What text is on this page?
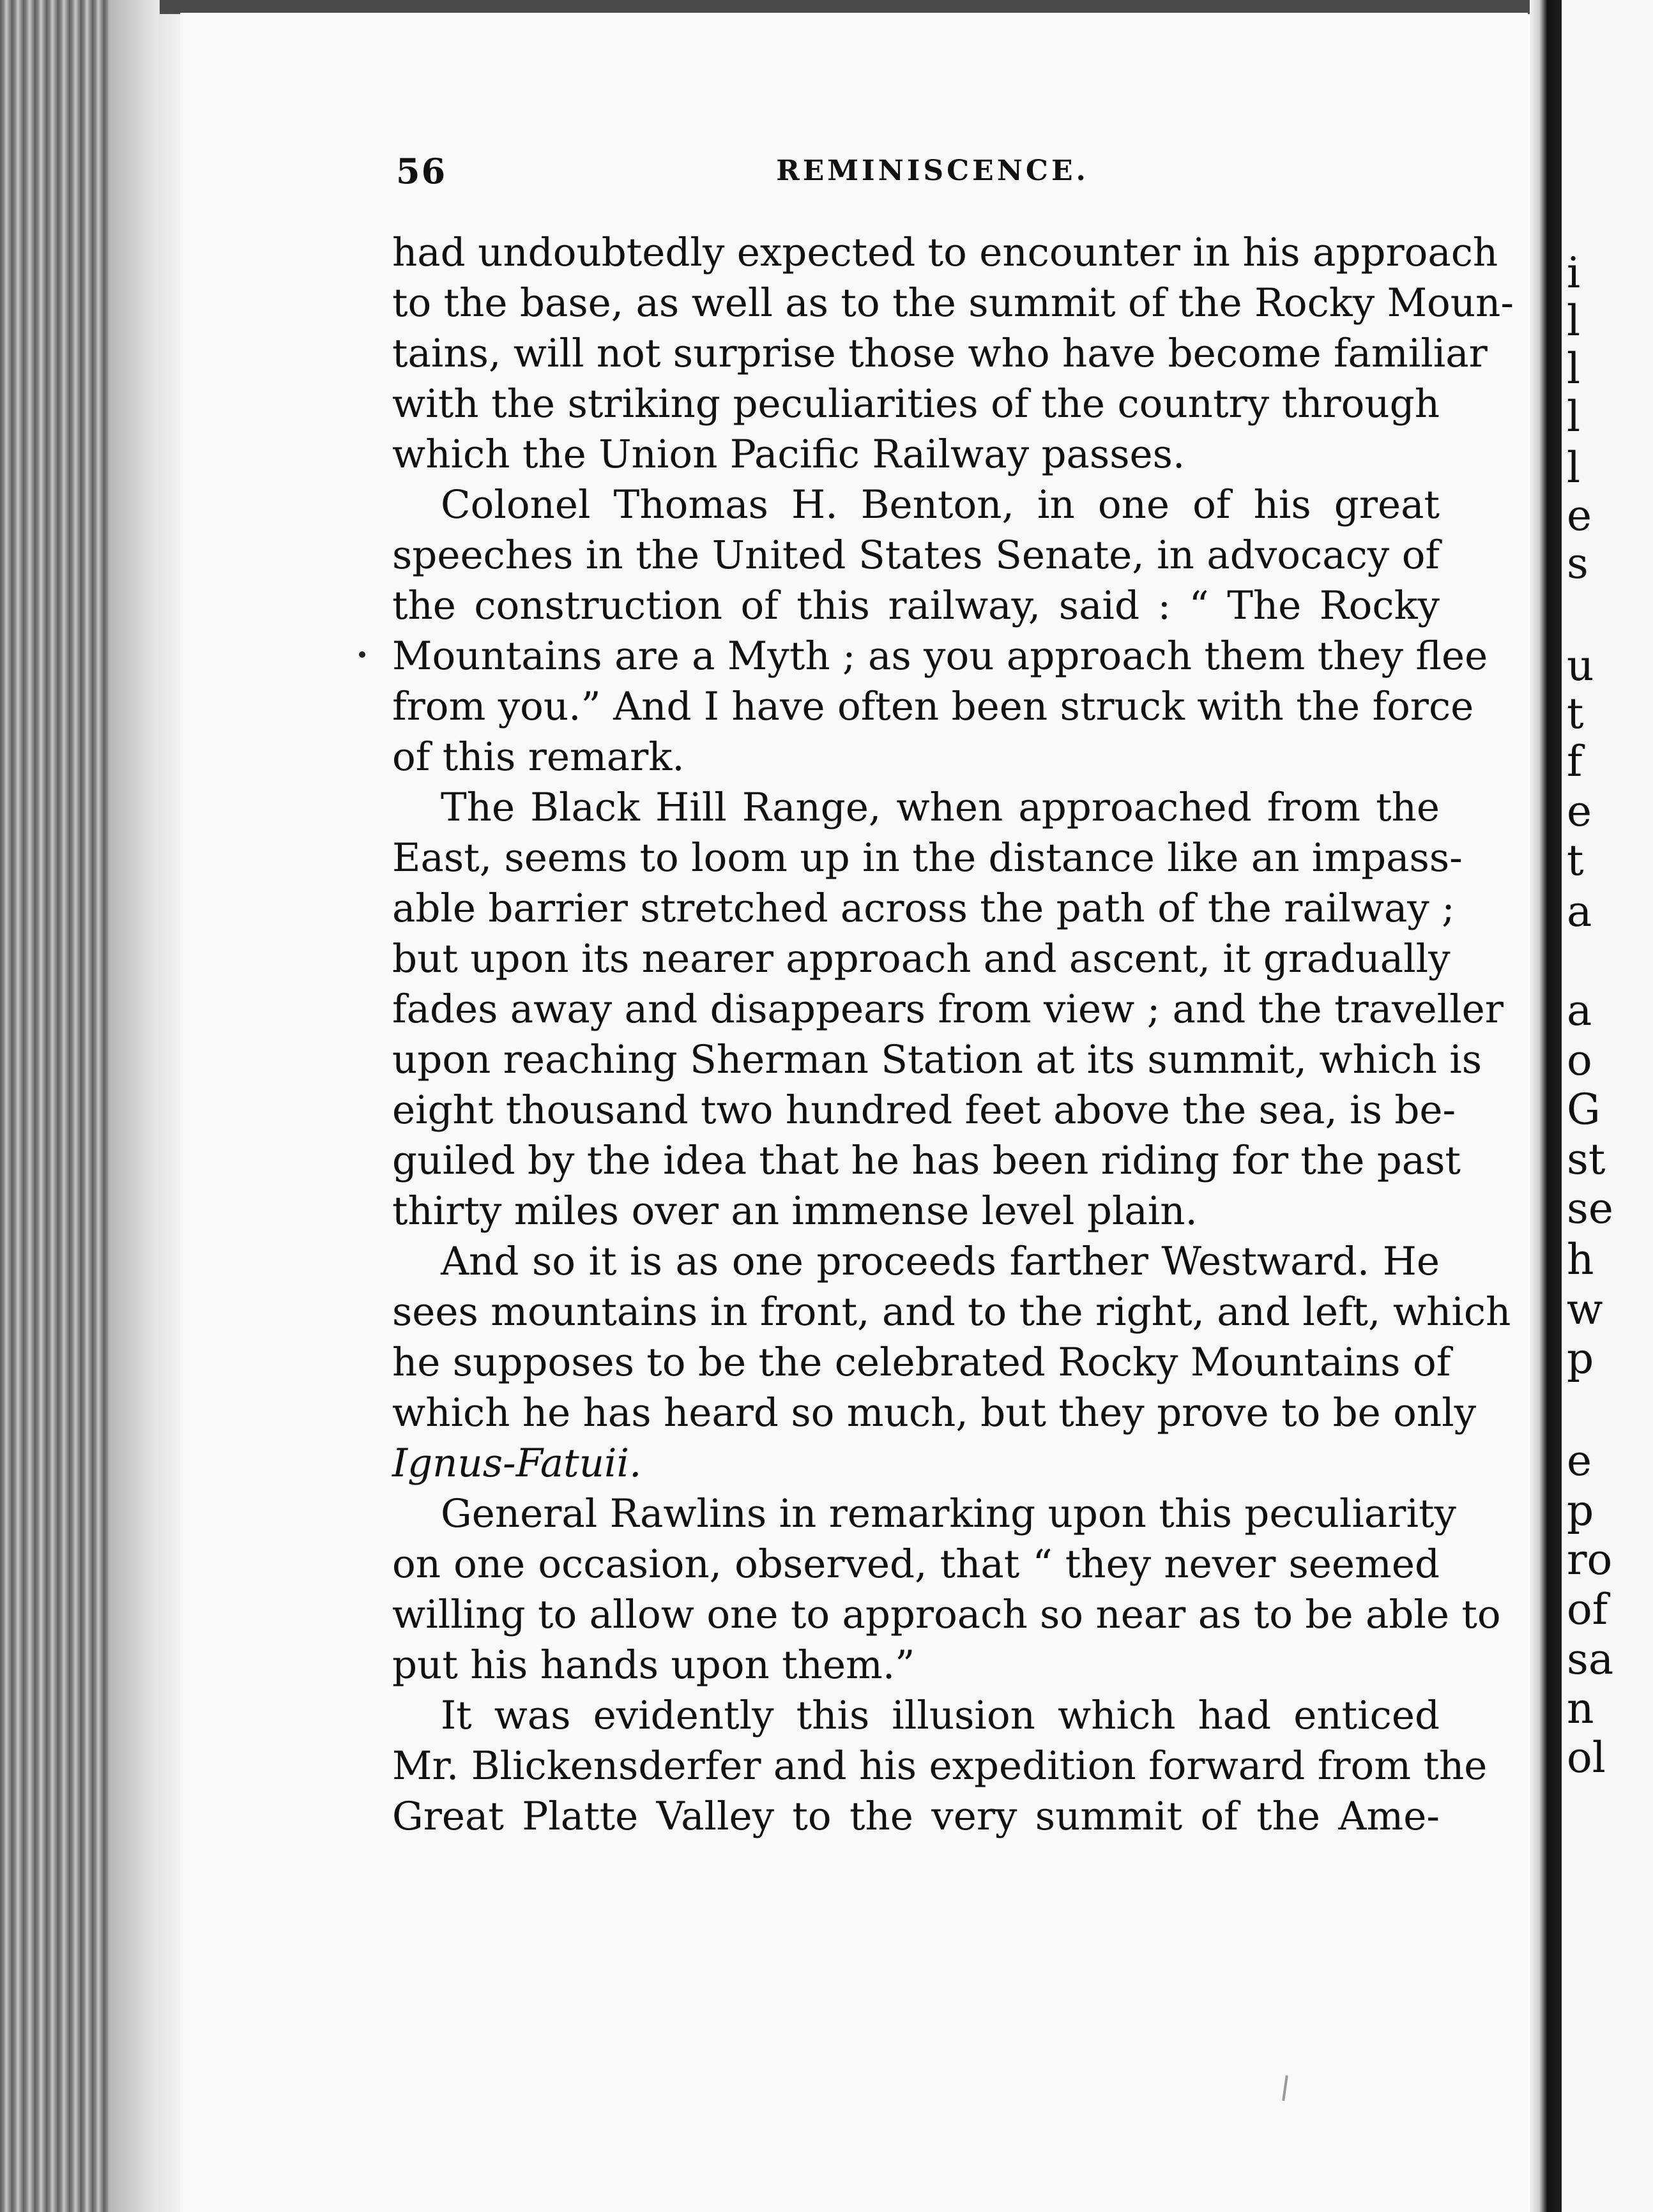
i
l
l
l
l
e
s
u
t
f
e
t
a
a
o
G
st
se
h
w
p
e
p
ro
of
sa
n
ol
56	REMINISCENCE.
had undoubtedly expected to encounter in his approach
to the base, as well as to the summit of the Rocky Moun-
tains, will not surprise those who have become familiar
with the striking peculiarities of the country through
which the Union Pacific Railway passes.
Colonel Thomas H. Benton, in one of his great
speeches in the United States Senate, in advocacy of
the construction of this railway, said : “ The Rocky
Mountains are a Myth ; as you approach them they flee
from you.” And I have often been struck with the force
of this remark.
The Black Hill Range, when approached from the
East, seems to loom up in the distance like an impass-
able barrier stretched across the path of the railway ;
but upon its nearer approach and ascent, it gradually
fades away and disappears from view ; and the traveller
upon reaching Sherman Station at its summit, which is
eight thousand two hundred feet above the sea, is be-
guiled by the idea that he has been riding for the past
thirty miles over an immense level plain.
And so it is as one proceeds farther Westward. He
sees mountains in front, and to the right, and left, which
he supposes to be the celebrated Rocky Mountains of
which he has heard so much, but they prove to be only
Ignus-Fatuii.
General Rawlins in remarking upon this peculiarity
on one occasion, observed, that “ they never seemed
willing to allow one to approach so near as to be able to
put his hands upon them.”
It was evidently this illusion which had enticed
Mr. Blickensderfer and his expedition forward from the
Great Platte Valley to the very summit of the Ame-
